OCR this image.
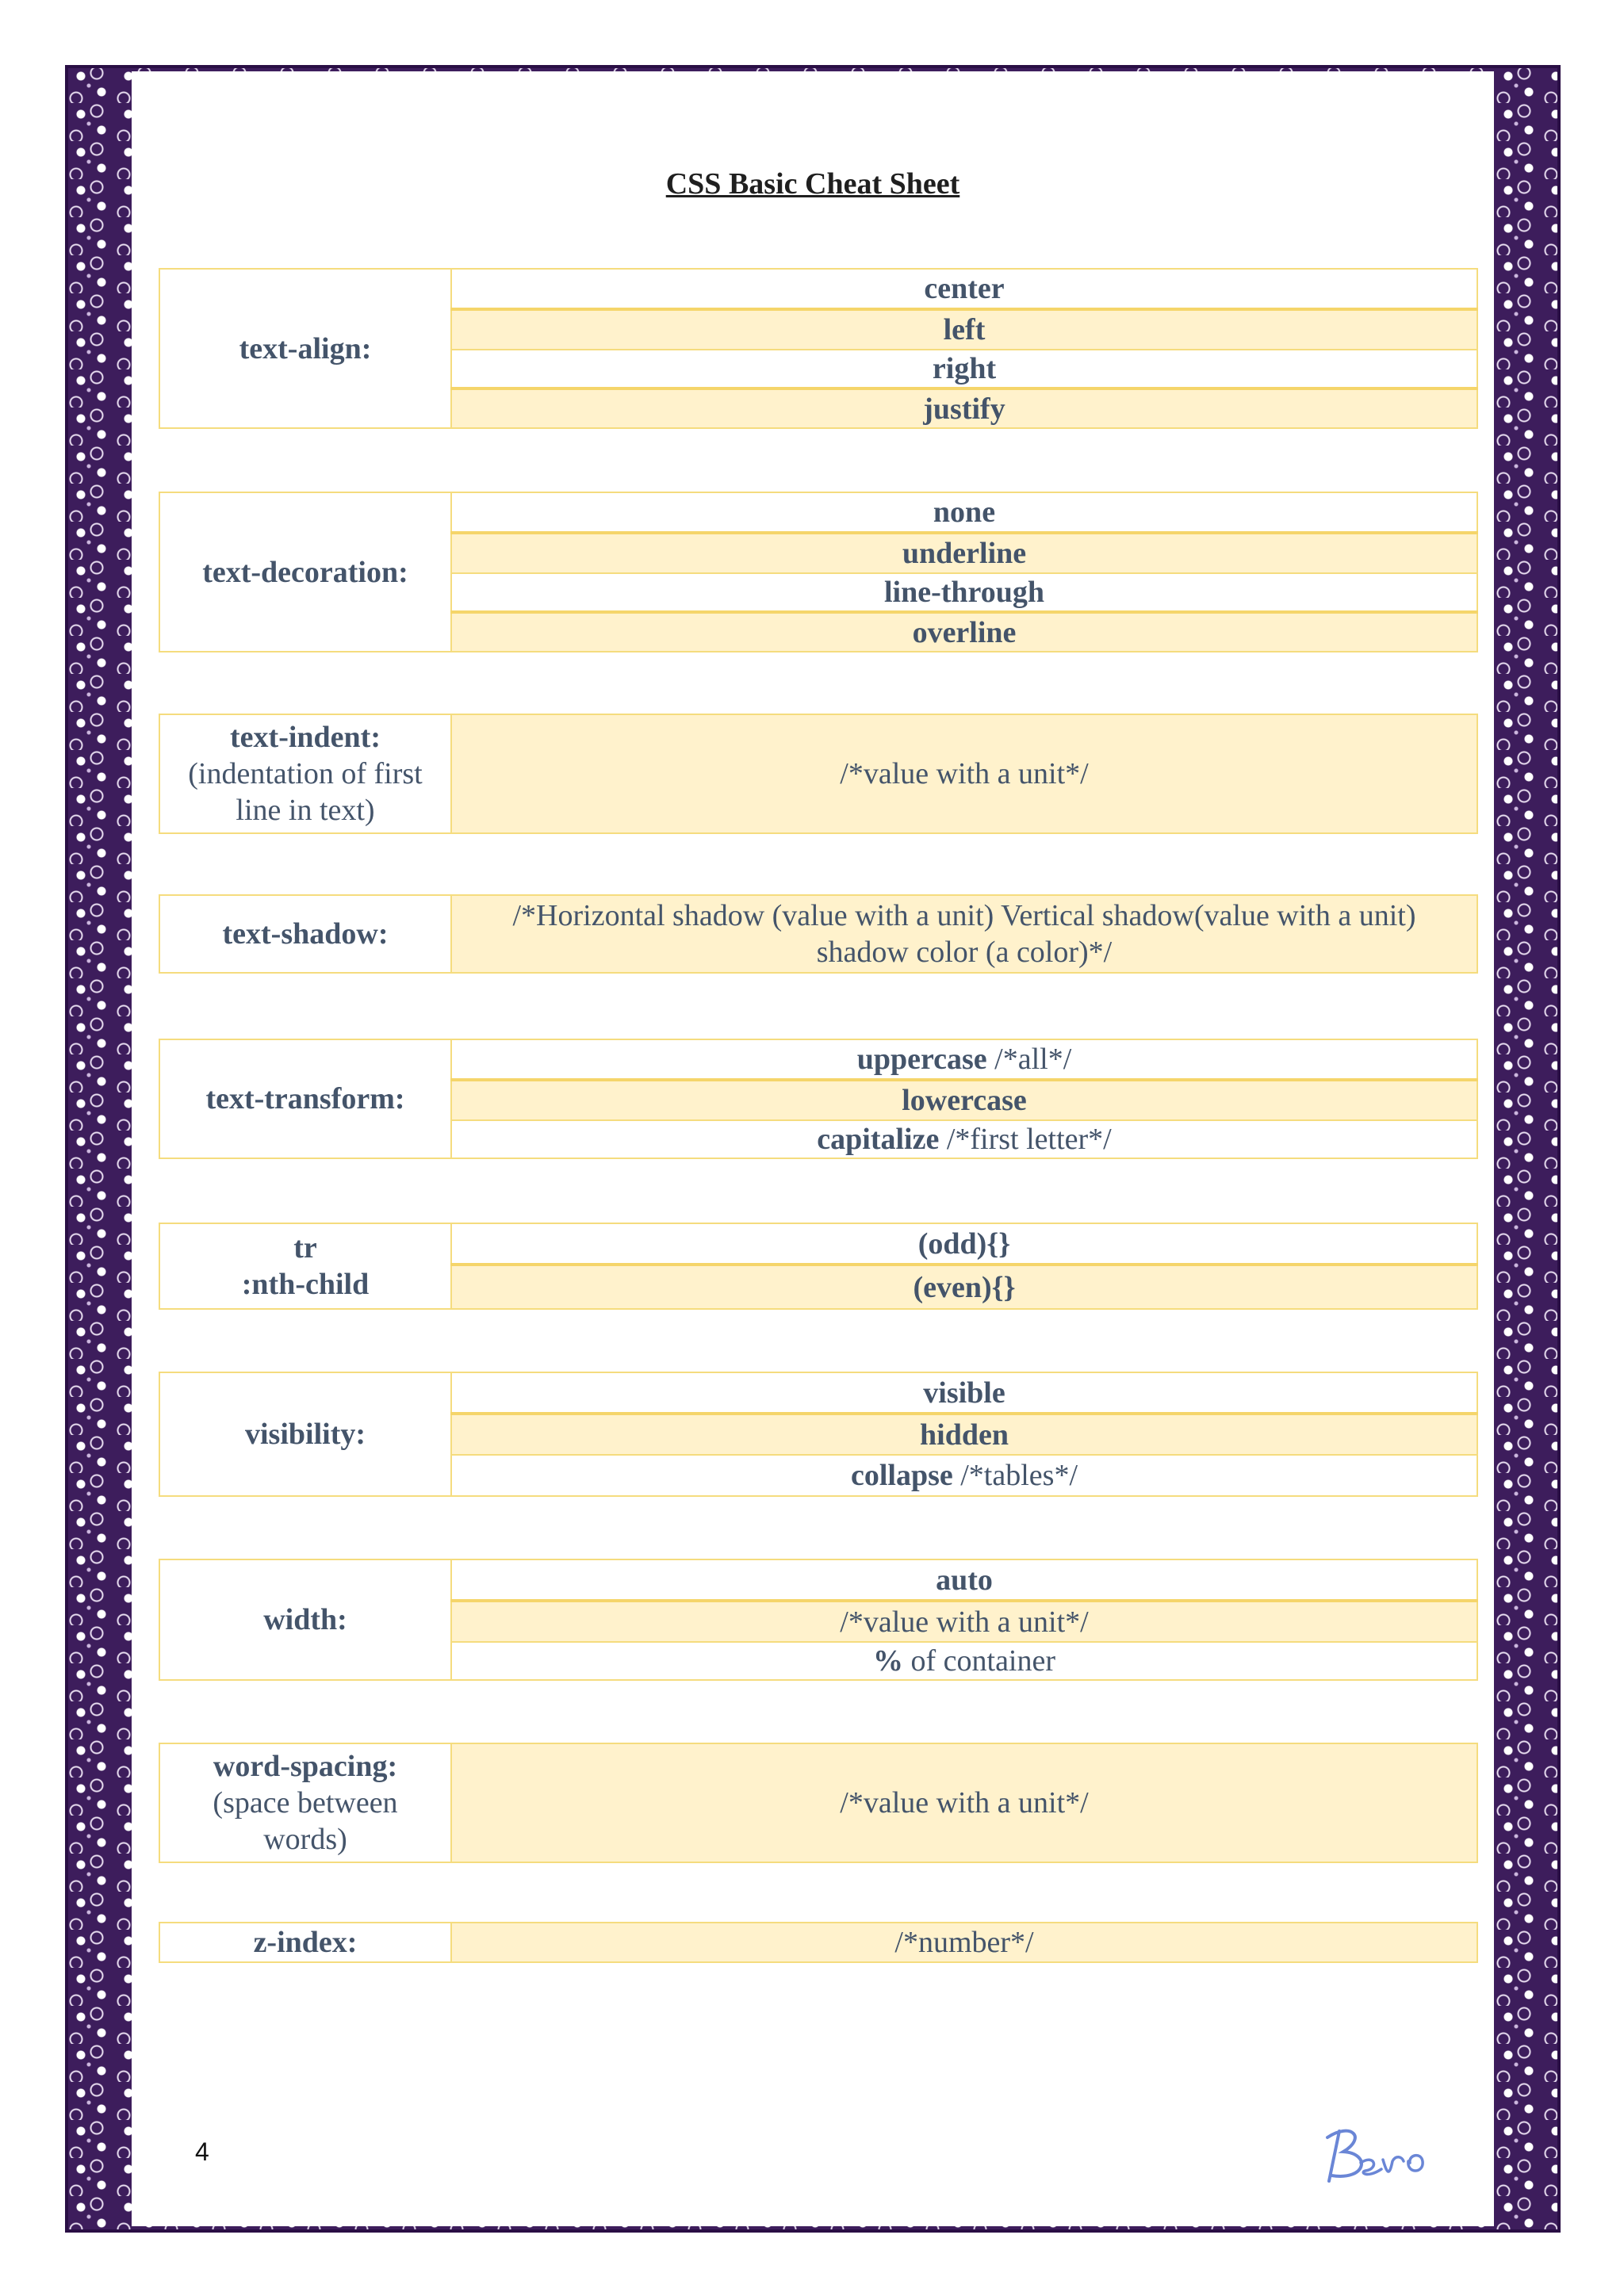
CSS Basic Cheat Sheet
text-align:	center
left
right
justify
text-decoration:	none
underline
line-through
overline
text-indent:
(indentation of first line in text)
	/*value with a unit*/
text-shadow:	/*Horizontal shadow (value with a unit) Vertical shadow(value with a unit) shadow color (a color)*/
text-transform:	uppercase /*all*/
lowercase
capitalize /*first letter*/
tr
:nth-child
	(odd){}
(even){}
visibility:	visible
hidden
collapse /*tables*/
width:	auto
/*value with a unit*/
% of container
word-spacing:
(space between words)
	/*value with a unit*/
z-index:	/*number*/
4
